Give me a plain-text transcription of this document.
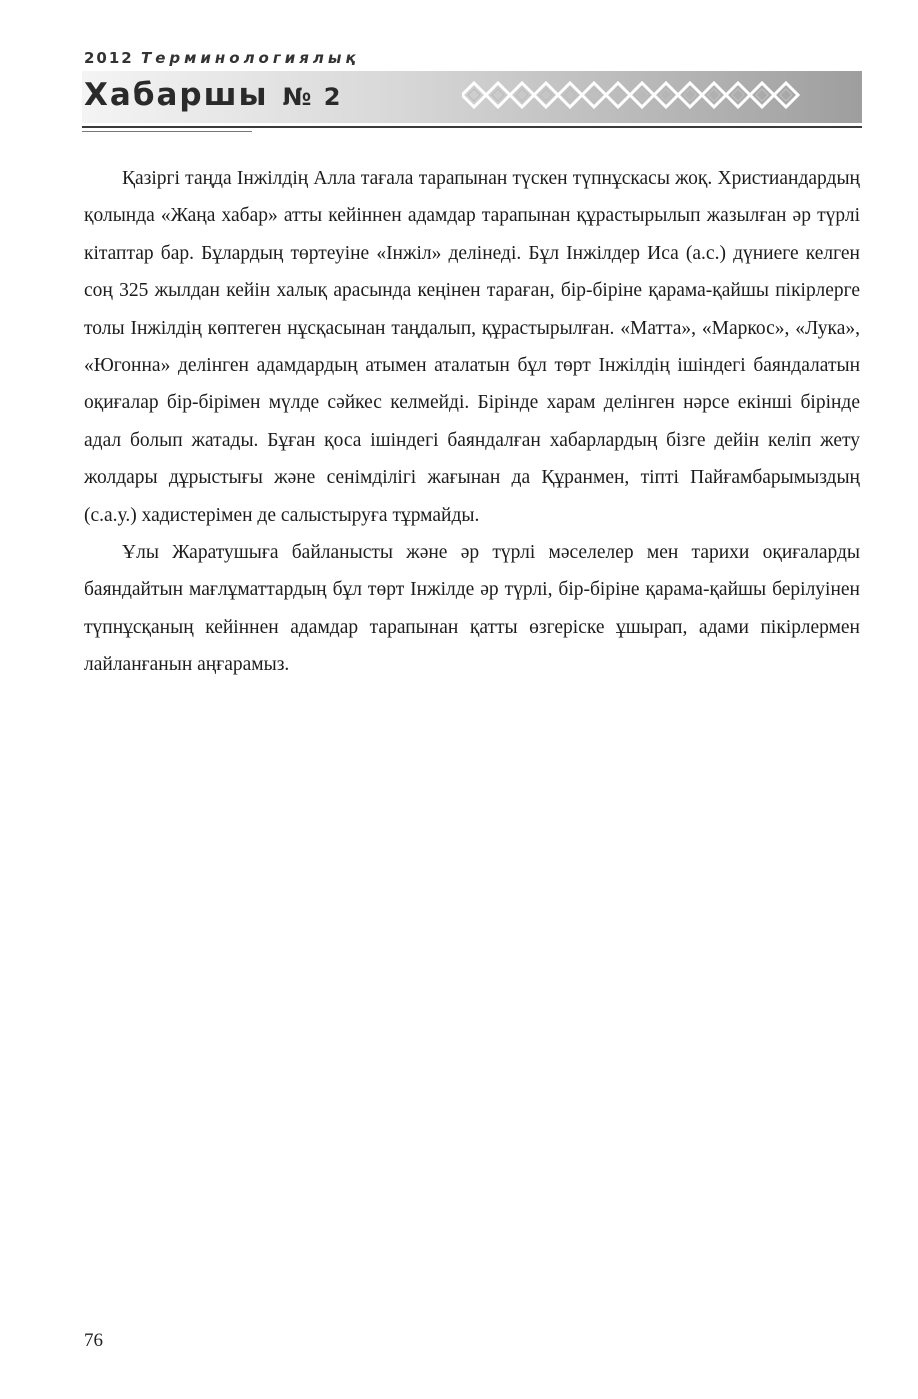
2012 Терминологиялық
Хабаршы № 2

Қазіргі таңда Інжілдің Алла тағала тарапынан түскен түпнұскасы жоқ. Христиандардың қолында «Жаңа хабар» атты кейіннен адамдар тарапынан құрастырылып жазылған әр түрлі кітаптар бар. Бұлардың төртеуіне «Інжіл» делінеді. Бұл Інжілдер Иса (а.с.) дүниеге келген соң 325 жылдан кейін халық арасында кеңінен тараған, бір-біріне қарама-қайшы пікірлерге толы Інжілдің көптеген нұсқасынан таңдалып, құрастырылған. «Матта», «Маркос», «Лука», «Югонна» делінген адамдардың атымен аталатын бұл төрт Інжілдің ішіндегі баяндалатын оқиғалар бір-бірімен мүлде сәйкес келмейді. Бірінде харам делінген нәрсе екінші бірінде адал болып жатады. Бұған қоса ішіндегі баяндалған хабарлардың бізге дейін келіп жету жолдары дұрыстығы және сенімділігі жағынан да Құранмен, тіпті Пайғамбарымыздың (с.а.у.) хадистерімен де салыстыруға тұрмайды.

Ұлы Жаратушыға байланысты және әр түрлі мәселелер мен тарихи оқиғаларды баяндайтын мағлұматтардың бұл төрт Інжілде әр түрлі, бір-біріне қарама-қайшы берілуінен түпнұсқаның кейіннен адамдар тарапынан қатты өзгеріске ұшырап, адами пікірлермен лайланғанын аңғарамыз.

76
